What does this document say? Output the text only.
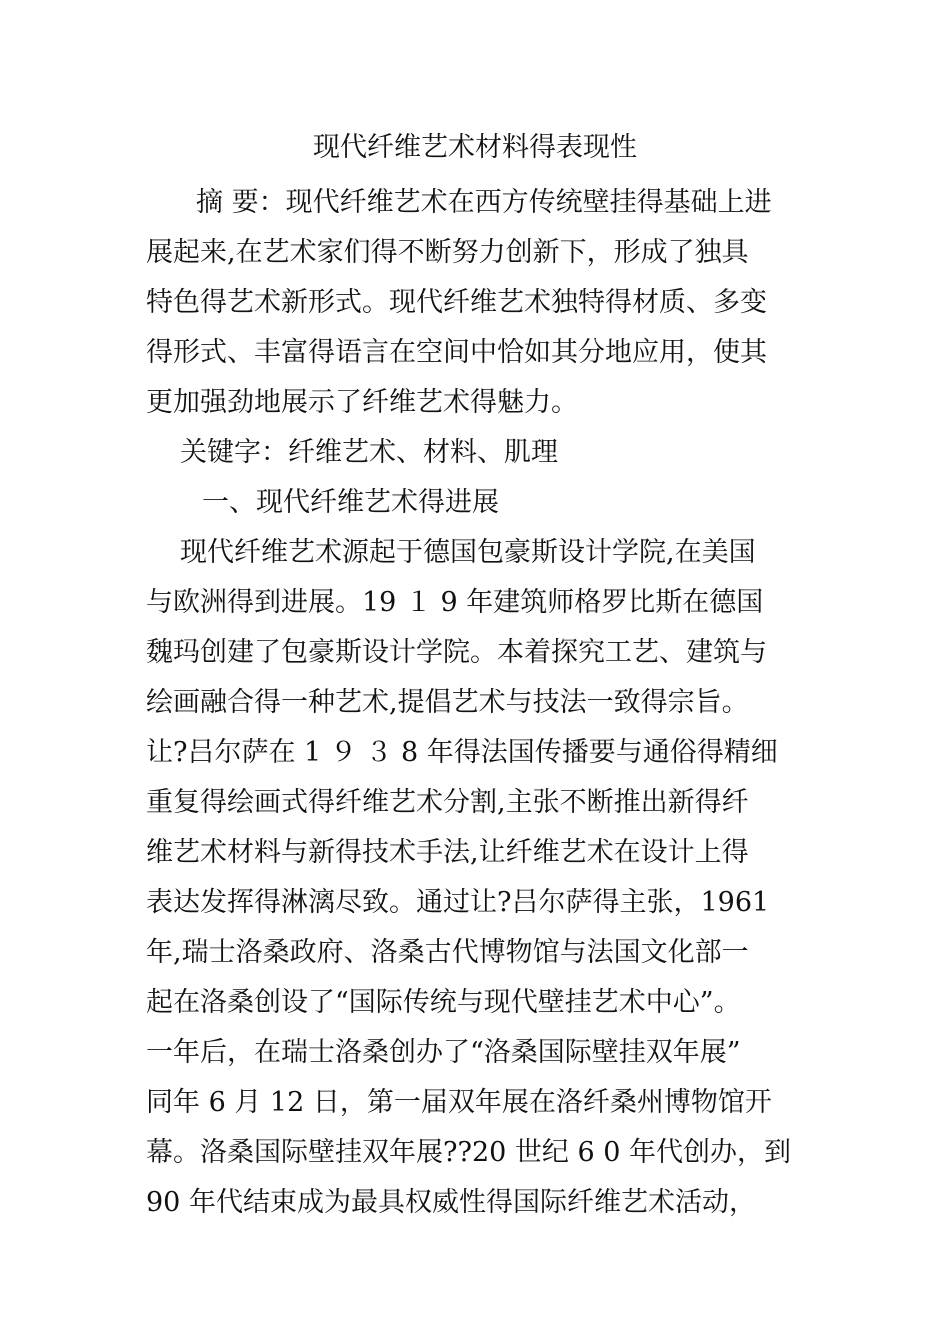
现代纤维艺术材料得表现性
摘 要：现代纤维艺术在西方传统壁挂得基础上进
展起来,在艺术家们得不断努力创新下，形成了独具
特色得艺术新形式。现代纤维艺术独特得材质、多变
得形式、丰富得语言在空间中恰如其分地应用，使其
更加强劲地展示了纤维艺术得魅力。
关键字：纤维艺术、材料、肌理
一、现代纤维艺术得进展
现代纤维艺术源起于德国包豪斯设计学院,在美国
与欧洲得到进展。19 １ 9 年建筑师格罗比斯在德国
魏玛创建了包豪斯设计学院。本着探究工艺、建筑与
绘画融合得一种艺术,提倡艺术与技法一致得宗旨。
让?吕尔萨在 1 ９ ３ 8 年得法国传播要与通俗得精细
重复得绘画式得纤维艺术分割,主张不断推出新得纤
维艺术材料与新得技术手法,让纤维艺术在设计上得
表达发挥得淋漓尽致。通过让?吕尔萨得主张，1961
年,瑞士洛桑政府、洛桑古代博物馆与法国文化部一
起在洛桑创设了“国际传统与现代壁挂艺术中心”。
一年后，在瑞士洛桑创办了“洛桑国际壁挂双年展”
同年 6 月 12 日，第一届双年展在洛纤桑州博物馆开
幕。洛桑国际壁挂双年展??20 世纪 6 0 年代创办，到
90 年代结束成为最具权威性得国际纤维艺术活动，
